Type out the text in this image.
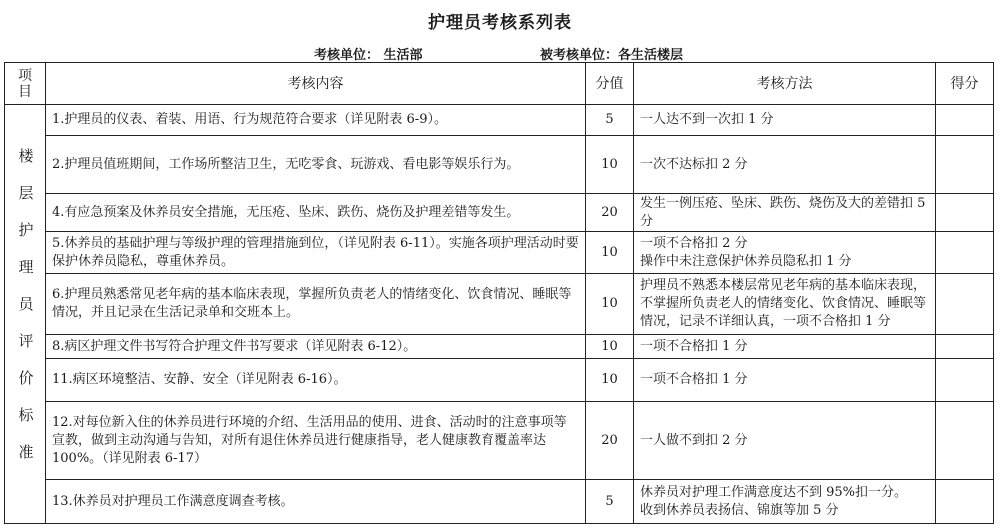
护理员考核系列表
考核单位： 生活部	被考核单位：各生活楼层
项
目	考核内容	分值	考核方法	得分

楼层护理员评价标准	1.护理员的仪表、着装、用语、行为规范符合要求（详见附表 6-9）。	5	一人达不到一次扣 1 分	
	2.护理员值班期间，工作场所整洁卫生，无吃零食、玩游戏、看电影等娱乐行为。	10	一次不达标扣 2 分	
	4.有应急预案及休养员安全措施，无压疮、坠床、跌伤、烧伤及护理差错等发生。	20	发生一例压疮、坠床、跌伤、烧伤及大的差错扣 5 分	
	5.休养员的基础护理与等级护理的管理措施到位，（详见附表 6-11）。实施各项护理活动时要保护休养员隐私，尊重休养员。	10	一项不合格扣 2 分
操作中未注意保护休养员隐私扣 1 分	
	6.护理员熟悉常见老年病的基本临床表现，掌握所负责老人的情绪变化、饮食情况、睡眠等情况，并且记录在生活记录单和交班本上。	10	护理员不熟悉本楼层常见老年病的基本临床表现，不掌握所负责老人的情绪变化、饮食情况、睡眠等情况，记录不详细认真，一项不合格扣 1 分	
	8.病区护理文件书写符合护理文件书写要求（详见附表 6-12）。	10	一项不合格扣 1 分	
	11.病区环境整洁、安静、安全（详见附表 6-16）。	10	一项不合格扣 1 分	
	12.对每位新入住的休养员进行环境的介绍、生活用品的使用、进食、活动时的注意事项等宣教，做到主动沟通与告知，对所有退住休养员进行健康指导，老人健康教育覆盖率达 100%。（详见附表 6-17）	20	一人做不到扣 2 分	
	13.休养员对护理员工作满意度调查考核。	5	休养员对护理工作满意度达不到 95%扣一分。
收到休养员表扬信、锦旗等加 5 分	
